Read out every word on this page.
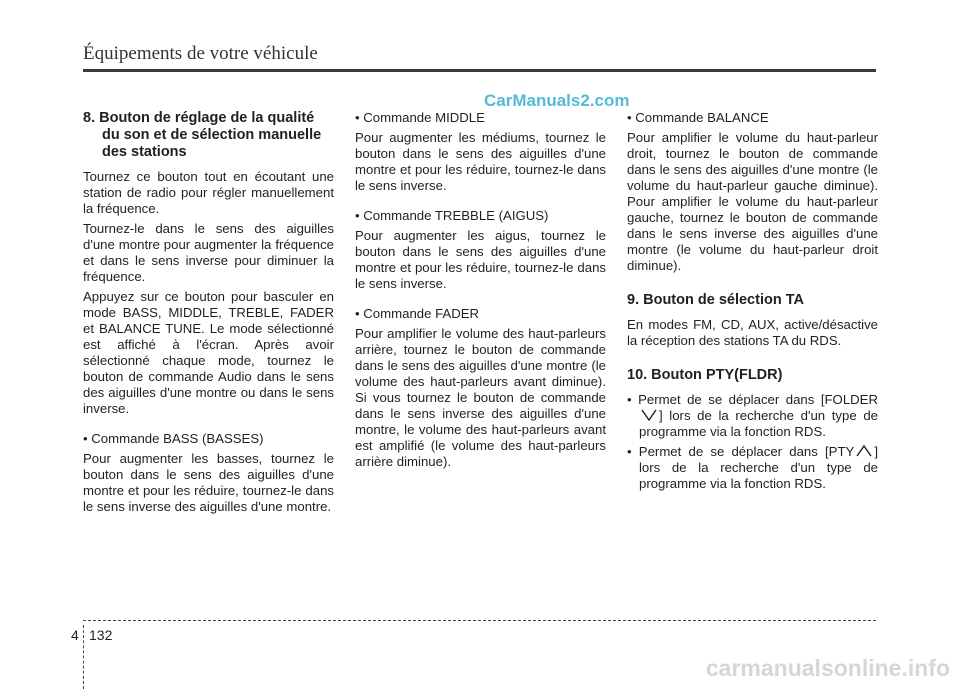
Équipements de votre véhicule
CarManuals2.com
8. Bouton de réglage de la qualité du son et de sélection manuelle des stations

Tournez ce bouton tout en écoutant une station de radio pour régler manuellement la fréquence.

Tournez-le dans le sens des aiguilles d'une montre pour augmenter la fréquence et dans le sens inverse pour diminuer la fréquence.

Appuyez sur ce bouton pour basculer en mode BASS, MIDDLE, TREBLE, FADER et BALANCE TUNE. Le mode sélectionné est affiché à l'écran. Après avoir sélectionné chaque mode, tournez le bouton de commande Audio dans le sens des aiguilles d'une montre ou dans le sens inverse.

• Commande BASS (BASSES)

Pour augmenter les basses, tournez le bouton dans le sens des aiguilles d'une montre et pour les réduire, tournez-le dans le sens inverse des aiguilles d'une montre.

• Commande MIDDLE

Pour augmenter les médiums, tournez le bouton dans le sens des aiguilles d'une montre et pour les réduire, tournez-le dans le sens inverse.

• Commande TREBBLE (AIGUS)

Pour augmenter les aigus, tournez le bouton dans le sens des aiguilles d'une montre et pour les réduire, tournez-le dans le sens inverse.

• Commande FADER

Pour amplifier le volume des haut-parleurs arrière, tournez le bouton de commande dans le sens des aiguilles d'une montre (le volume des haut-parleurs avant diminue). Si vous tournez le bouton de commande dans le sens inverse des aiguilles d'une montre, le volume des haut-parleurs avant est amplifié (le volume des haut-parleurs arrière diminue).

• Commande BALANCE

Pour amplifier le volume du haut-parleur droit, tournez le bouton de commande dans le sens des aiguilles d'une montre (le volume du haut-parleur gauche diminue). Pour amplifier le volume du haut-parleur gauche, tournez le bouton de commande dans le sens inverse des aiguilles d'une montre (le volume du haut-parleur droit diminue).

9. Bouton de sélection TA

En modes FM, CD, AUX, active/désactive la réception des stations TA du RDS.

10. Bouton PTY(FLDR)
• Permet de se déplacer dans [FOLDER
] lors de la recherche d'un type de programme via la fonction RDS.
• Permet de se déplacer dans [PTY ] lors de la recherche d'un type de programme via la fonction RDS.
4 132
carmanualsonline.info
